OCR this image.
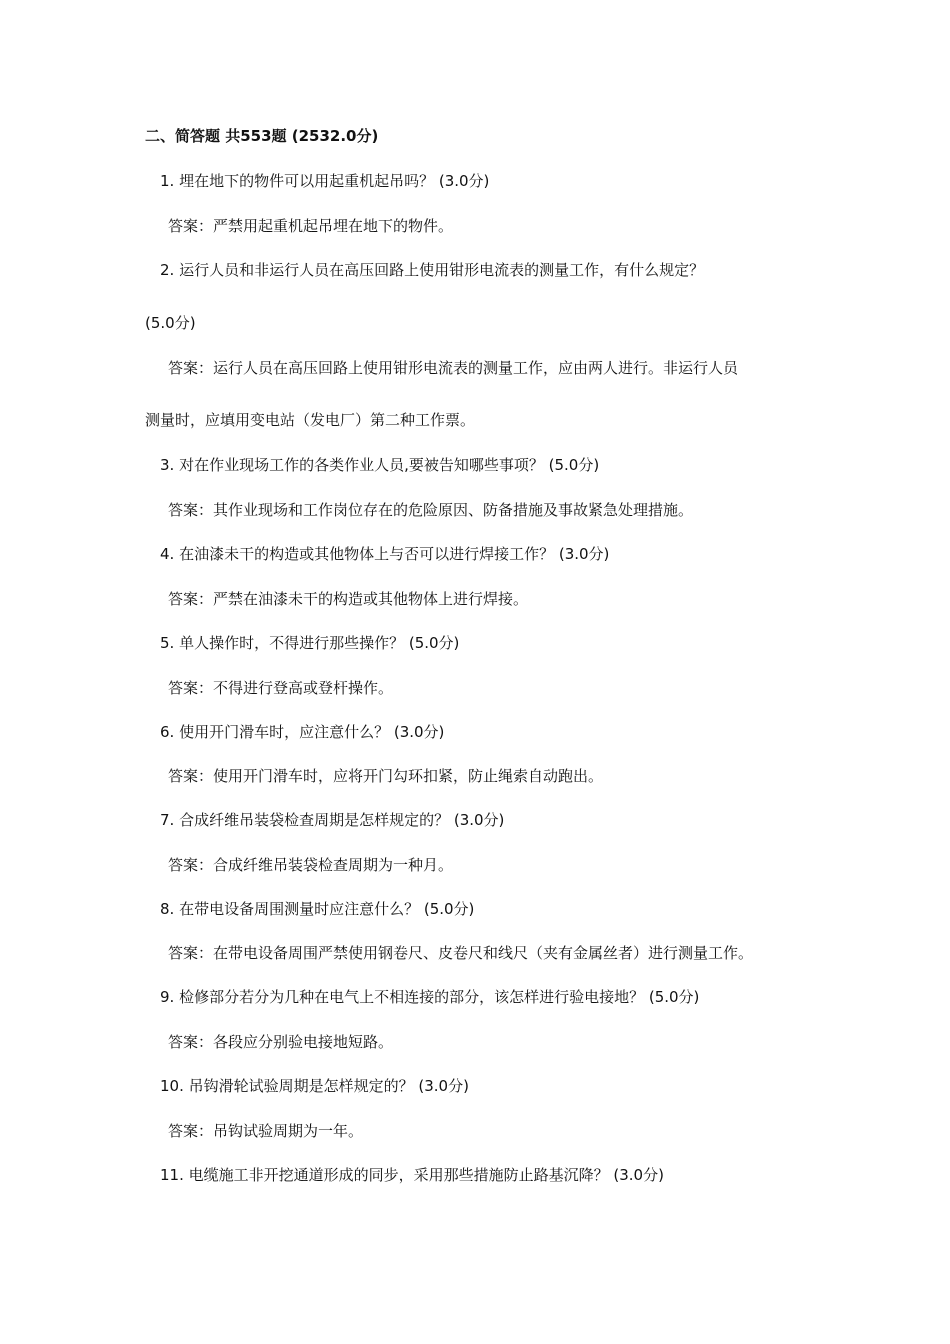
二、简答题 共553题 (2532.0分)
1. 埋在地下的物件可以用起重机起吊吗？ (3.0分)
答案：严禁用起重机起吊埋在地下的物件。
2. 运行人员和非运行人员在高压回路上使用钳形电流表的测量工作，有什么规定？
(5.0分)
答案：运行人员在高压回路上使用钳形电流表的测量工作，应由两人进行。非运行人员
测量时，应填用变电站（发电厂）第二种工作票。
3. 对在作业现场工作的各类作业人员,要被告知哪些事项？ (5.0分)
答案：其作业现场和工作岗位存在的危险原因、防备措施及事故紧急处理措施。
4. 在油漆未干的构造或其他物体上与否可以进行焊接工作？ (3.0分)
答案：严禁在油漆未干的构造或其他物体上进行焊接。
5. 单人操作时，不得进行那些操作？ (5.0分)
答案：不得进行登高或登杆操作。
6. 使用开门滑车时，应注意什么？ (3.0分)
答案：使用开门滑车时，应将开门勾环扣紧，防止绳索自动跑出。
7. 合成纤维吊装袋检查周期是怎样规定的？ (3.0分)
答案：合成纤维吊装袋检查周期为一种月。
8. 在带电设备周围测量时应注意什么？ (5.0分)
答案：在带电设备周围严禁使用钢卷尺、皮卷尺和线尺（夹有金属丝者）进行测量工作。
9. 检修部分若分为几种在电气上不相连接的部分，该怎样进行验电接地？ (5.0分)
答案：各段应分别验电接地短路。
10. 吊钩滑轮试验周期是怎样规定的？ (3.0分)
答案：吊钩试验周期为一年。
11. 电缆施工非开挖通道形成的同步，采用那些措施防止路基沉降？ (3.0分)
